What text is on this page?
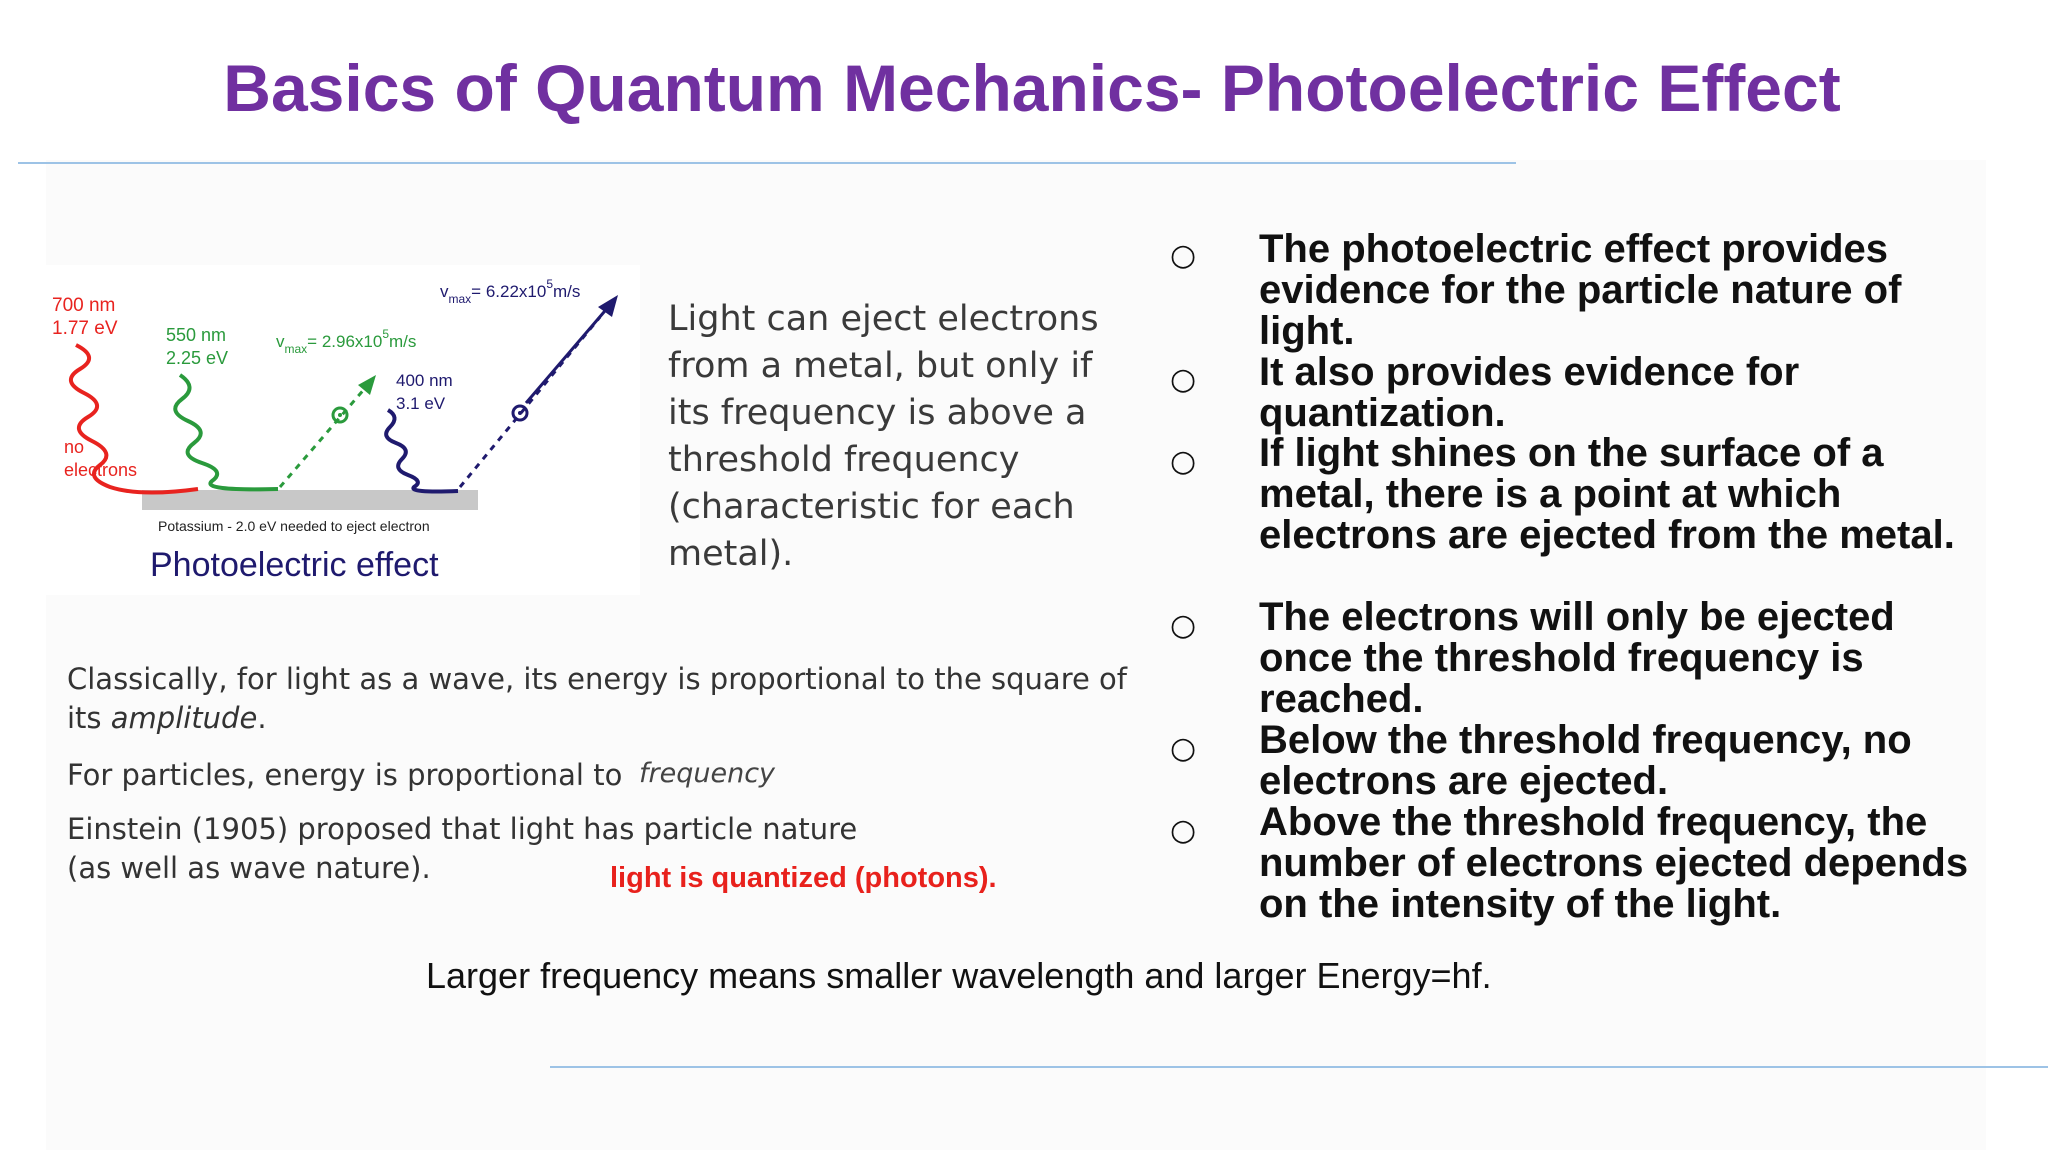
Basics of Quantum Mechanics- Photoelectric Effect
700 nm
1.77 eV
no
electrons
550 nm
2.25 eV
$v_{max}= 2.96x10^5m/s$
400 nm
3.1 eV
$v_{max}= 6.22x10^5m/s$
Potassium - 2.0 eV needed to eject electron
Photoelectric effect
Light can eject electrons from a metal, but only if its frequency is above a threshold frequency (characteristic for each metal).
Classically, for light as a wave, its energy is proportional to the square of its amplitude.
For particles, energy is proportional to frequency
Einstein (1905) proposed that light has particle nature (as well as wave nature).	light is quantized (photons).
○ The photoelectric effect provides evidence for the particle nature of light.
○ It also provides evidence for quantization.
○ If light shines on the surface of a metal, there is a point at which electrons are ejected from the metal.
○ The electrons will only be ejected once the threshold frequency is reached.
○ Below the threshold frequency, no electrons are ejected.
○ Above the threshold frequency, the number of electrons ejected depends on the intensity of the light.
Larger frequency means smaller wavelength and larger Energy=hf.
